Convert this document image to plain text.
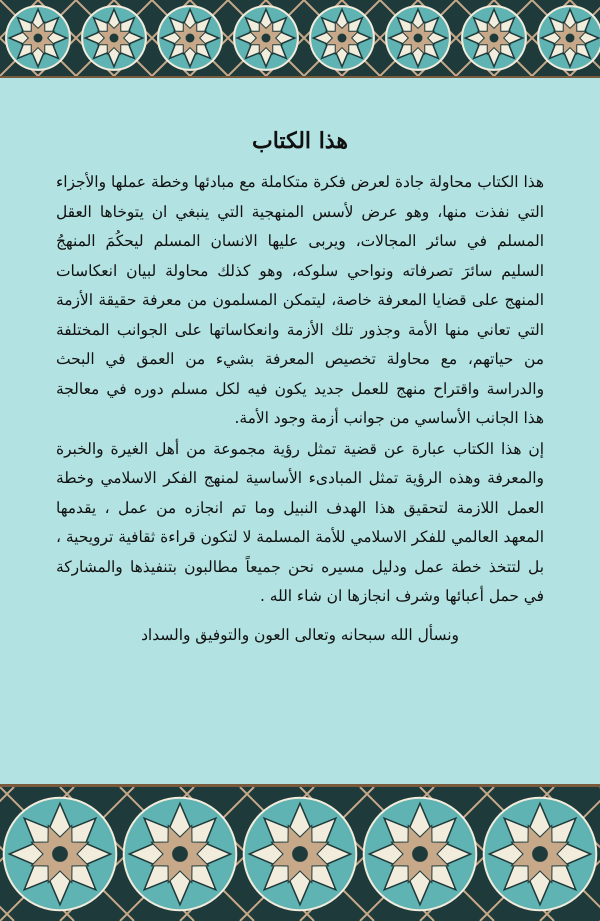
هذا الكتاب

هذا الكتاب محاولة جادة لعرض فكرة متكاملة مع مبادئها وخطة عملها والأجزاء التي نفذت منها، وهو عرض لأسس المنهجية التي ينبغي ان يتوخاها العقل المسلم في سائر المجالات، ويربى عليها الانسان المسلم ليحكُمَ المنهجُ السليم سائرَ تصرفاته ونواحي سلوكه، وهو كذلك محاولة لبيان انعكاسات المنهج على قضايا المعرفة خاصة، ليتمكن المسلمون من معرفة حقيقة الأزمة التي تعاني منها الأمة وجذور تلك الأزمة وانعكاساتها على الجوانب المختلفة من حياتهم، مع محاولة تخصيص المعرفة بشيء من العمق في البحث والدراسة واقتراح منهج للعمل جديد يكون فيه لكل مسلم دوره في معالجة هذا الجانب الأساسي من جوانب أزمة وجود الأمة.

إن هذا الكتاب عبارة عن قضية تمثل رؤية مجموعة من أهل الغيرة والخبرة والمعرفة وهذه الرؤية تمثل المبادىء الأساسية لمنهج الفكر الاسلامي وخطة العمل اللازمة لتحقيق هذا الهدف النبيل وما تم انجازه من عمل ، يقدمها المعهد العالمي للفكر الاسلامي للأمة المسلمة لا لتكون قراءة ثقافية ترويحية ، بل لتتخذ خطة عمل ودليل مسيره نحن جميعاً مطالبون بتنفيذها والمشاركة في حمل أعبائها وشرف انجازها ان شاء الله .

ونسأل الله سبحانه وتعالى العون والتوفيق والسداد
